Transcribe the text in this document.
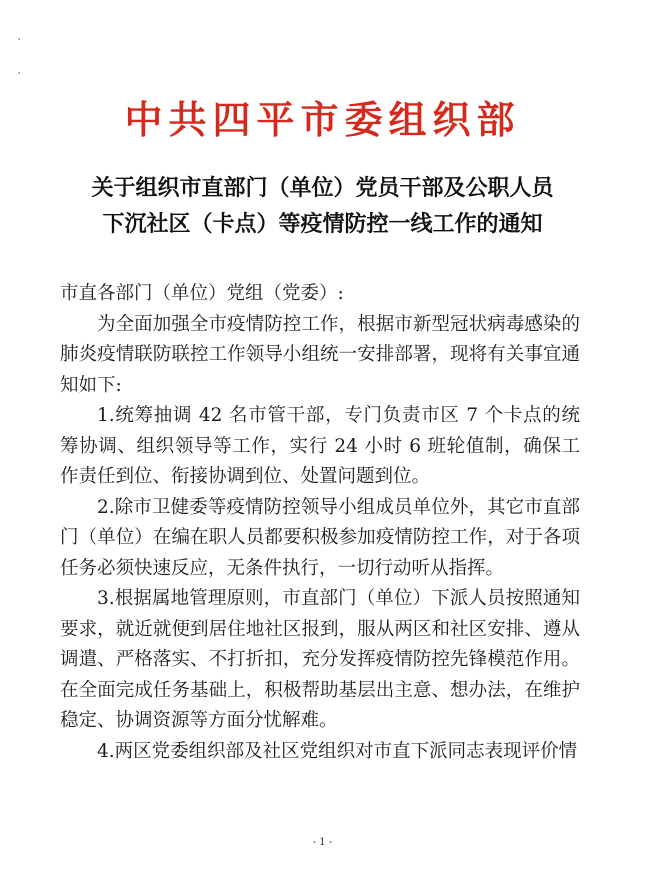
中共四平市委组织部
关于组织市直部门（单位）党员干部及公职人员
下沉社区（卡点）等疫情防控一线工作的通知

市直各部门（单位）党组（党委）:

为全面加强全市疫情防控工作，根据市新型冠状病毒感染的肺炎疫情联防联控工作领导小组统一安排部署，现将有关事宜通知如下:

1.统筹抽调 42 名市管干部，专门负责市区 7 个卡点的统筹协调、组织领导等工作，实行 24 小时 6 班轮值制，确保工作责任到位、衔接协调到位、处置问题到位。

2.除市卫健委等疫情防控领导小组成员单位外，其它市直部门（单位）在编在职人员都要积极参加疫情防控工作，对于各项任务必须快速反应，无条件执行，一切行动听从指挥。

3.根据属地管理原则，市直部门（单位）下派人员按照通知要求，就近就便到居住地社区报到，服从两区和社区安排、遵从调遣、严格落实、不打折扣，充分发挥疫情防控先锋模范作用。在全面完成任务基础上，积极帮助基层出主意、想办法，在维护稳定、协调资源等方面分忧解难。

4.两区党委组织部及社区党组织对市直下派同志表现评价情

- 1 -
